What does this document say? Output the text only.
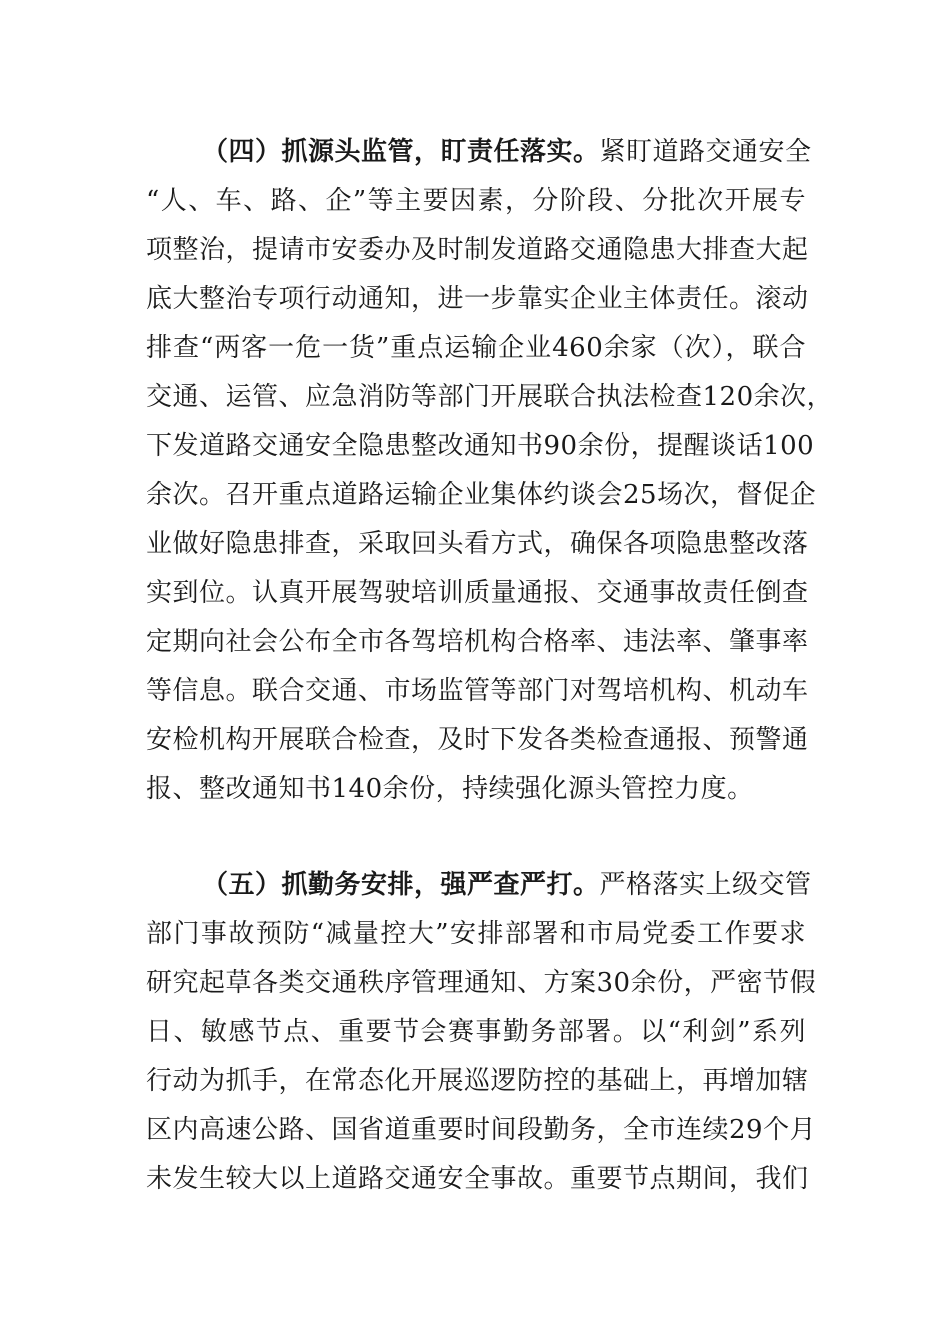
（四）抓源头监管，盯责任落实。紧盯道路交通安全
“人、车、路、企”等主要因素，分阶段、分批次开展专
项整治，提请市安委办及时制发道路交通隐患大排查大起
底大整治专项行动通知，进一步靠实企业主体责任。滚动
排查“两客一危一货”重点运输企业460余家（次），联合
交通、运管、应急消防等部门开展联合执法检查120余次，
下发道路交通安全隐患整改通知书90余份，提醒谈话100
余次。召开重点道路运输企业集体约谈会25场次，督促企
业做好隐患排查，采取回头看方式，确保各项隐患整改落
实到位。认真开展驾驶培训质量通报、交通事故责任倒查
定期向社会公布全市各驾培机构合格率、违法率、肇事率
等信息。联合交通、市场监管等部门对驾培机构、机动车
安检机构开展联合检查，及时下发各类检查通报、预警通
报、整改通知书140余份，持续强化源头管控力度。
（五）抓勤务安排，强严查严打。严格落实上级交管
部门事故预防“减量控大”安排部署和市局党委工作要求
研究起草各类交通秩序管理通知、方案30余份，严密节假
日、敏感节点、重要节会赛事勤务部署。以“利剑”系列
行动为抓手，在常态化开展巡逻防控的基础上，再增加辖
区内高速公路、国省道重要时间段勤务，全市连续29个月
未发生较大以上道路交通安全事故。重要节点期间，我们
